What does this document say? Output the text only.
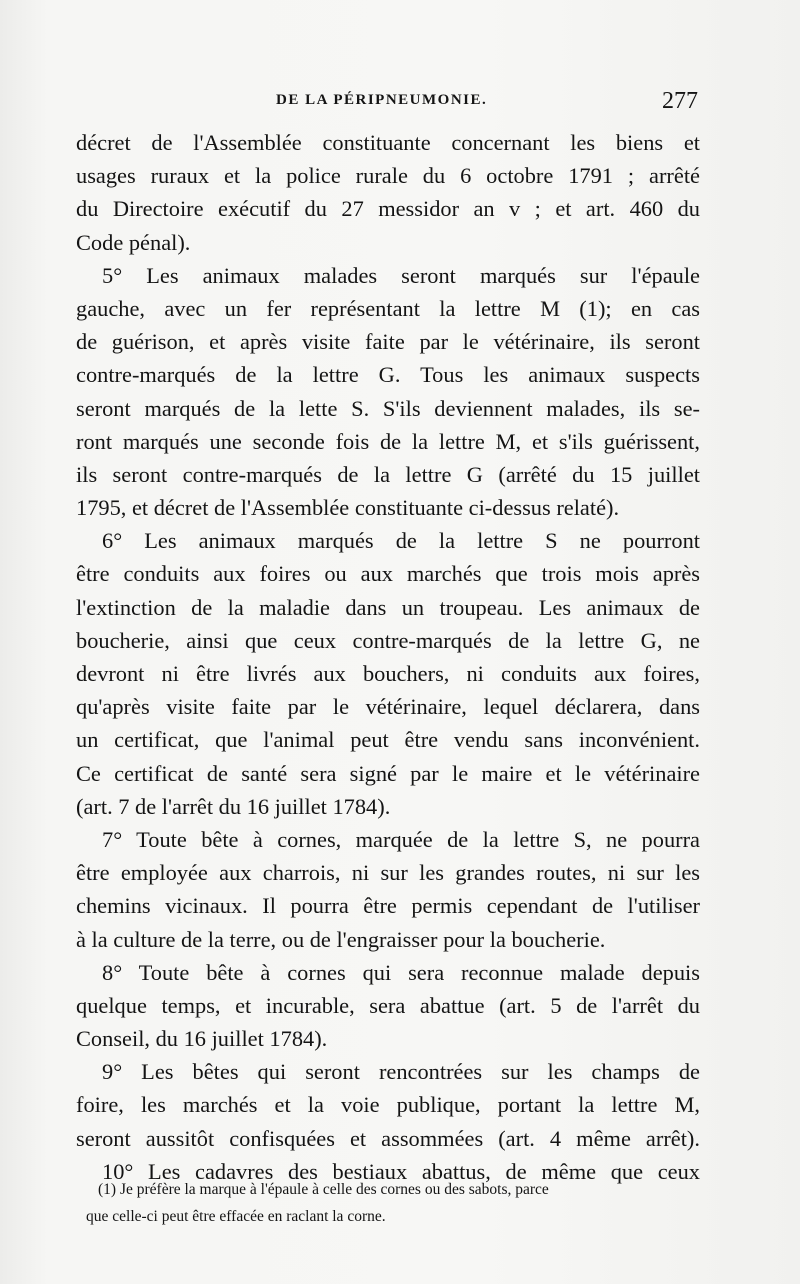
DE LA PÉRIPNEUMONIE.	277
décret de l'Assemblée constituante concernant les biens et
usages ruraux et la police rurale du 6 octobre 1791 ; arrêté
du Directoire exécutif du 27 messidor an v ; et art. 460 du
Code pénal).
5° Les animaux malades seront marqués sur l'épaule
gauche, avec un fer représentant la lettre M (1); en cas
de guérison, et après visite faite par le vétérinaire, ils seront
contre-marqués de la lettre G. Tous les animaux suspects
seront marqués de la lette S. S'ils deviennent malades, ils se-
ront marqués une seconde fois de la lettre M, et s'ils guérissent,
ils seront contre-marqués de la lettre G (arrêté du 15 juillet
1795, et décret de l'Assemblée constituante ci-dessus relaté).
6° Les animaux marqués de la lettre S ne pourront
être conduits aux foires ou aux marchés que trois mois après
l'extinction de la maladie dans un troupeau. Les animaux de
boucherie, ainsi que ceux contre-marqués de la lettre G, ne
devront ni être livrés aux bouchers, ni conduits aux foires,
qu'après visite faite par le vétérinaire, lequel déclarera, dans
un certificat, que l'animal peut être vendu sans inconvénient.
Ce certificat de santé sera signé par le maire et le vétérinaire
(art. 7 de l'arrêt du 16 juillet 1784).
7° Toute bête à cornes, marquée de la lettre S, ne pourra
être employée aux charrois, ni sur les grandes routes, ni sur les
chemins vicinaux. Il pourra être permis cependant de l'utiliser
à la culture de la terre, ou de l'engraisser pour la boucherie.
8° Toute bête à cornes qui sera reconnue malade depuis
quelque temps, et incurable, sera abattue (art. 5 de l'arrêt du
Conseil, du 16 juillet 1784).
9° Les bêtes qui seront rencontrées sur les champs de
foire, les marchés et la voie publique, portant la lettre M,
seront aussitôt confisquées et assommées (art. 4 même arrêt).
10° Les cadavres des bestiaux abattus, de même que ceux
(1) Je préfère la marque à l'épaule à celle des cornes ou des sabots, parce
que celle-ci peut être effacée en raclant la corne.
